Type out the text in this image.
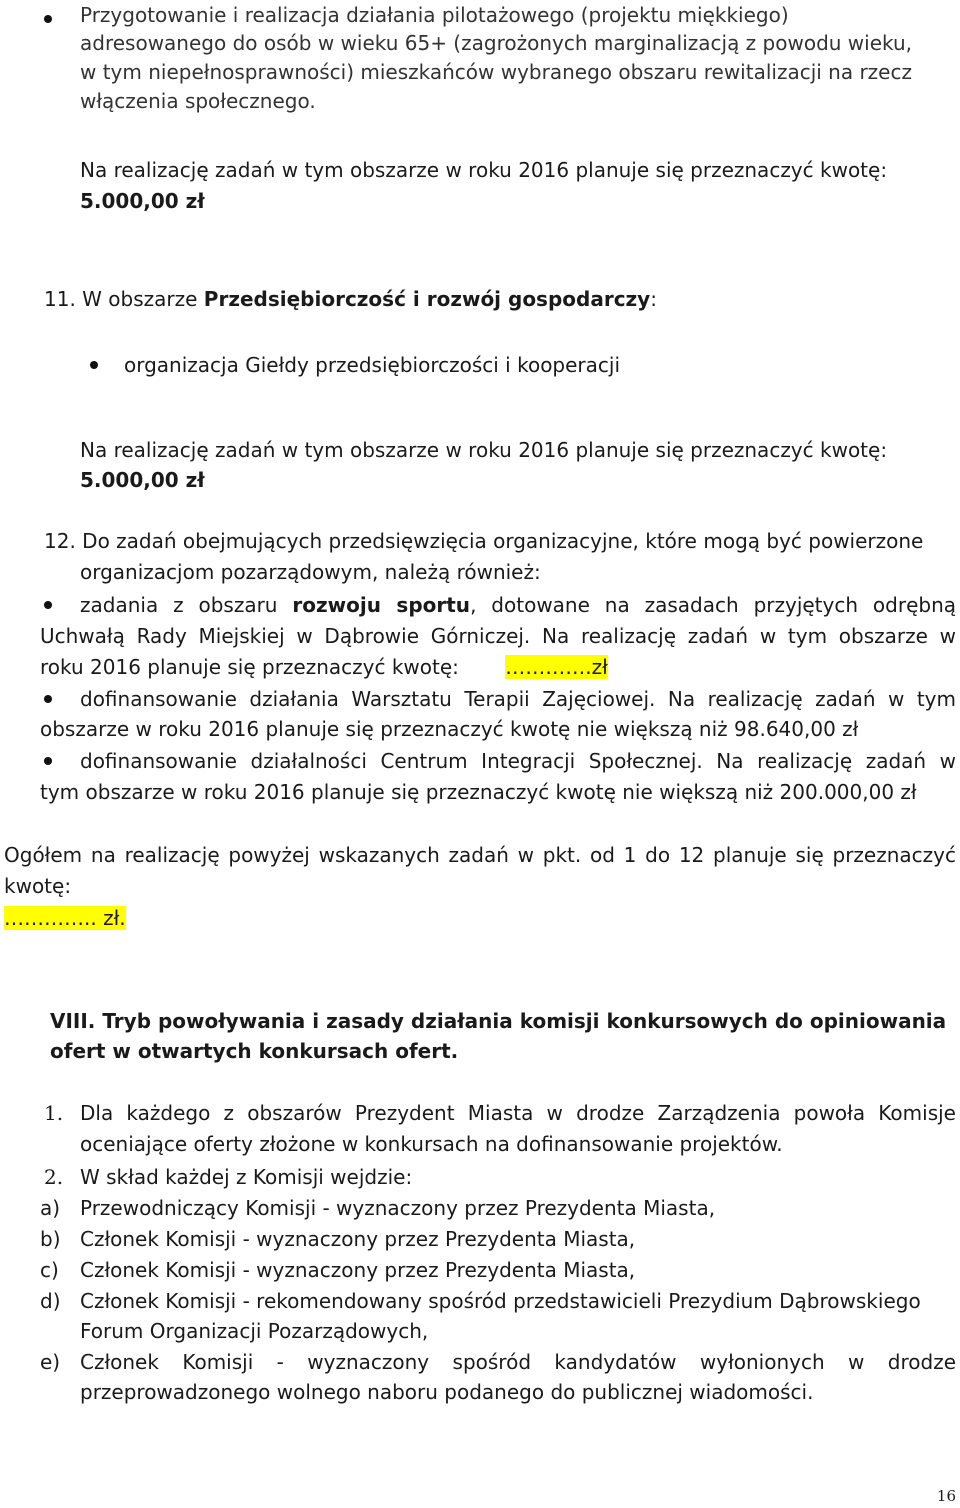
Przygotowanie i realizacja działania pilotażowego (projektu miękkiego)
adresowanego do osób w wieku 65+ (zagrożonych marginalizacją z powodu wieku,
w tym niepełnosprawności) mieszkańców wybranego obszaru rewitalizacji na rzecz
włączenia społecznego.
Na realizację zadań w tym obszarze w roku 2016 planuje się przeznaczyć kwotę:
5.000,00 zł
11. W obszarze Przedsiębiorczość i rozwój gospodarczy:
organizacja Giełdy przedsiębiorczości i kooperacji
Na realizację zadań w tym obszarze w roku 2016 planuje się przeznaczyć kwotę:
5.000,00 zł
12. Do zadań obejmujących przedsięwzięcia organizacyjne, które mogą być powierzone
organizacjom pozarządowym, należą również:
zadania z obszaru rozwoju sportu, dotowane na zasadach przyjętych odrębną
Uchwałą Rady Miejskiej w Dąbrowie Górniczej. Na realizację zadań w tym obszarze w
roku 2016 planuje się przeznaczyć kwotę: ………….zł
dofinansowanie działania Warsztatu Terapii Zajęciowej. Na realizację zadań w tym
obszarze w roku 2016 planuje się przeznaczyć kwotę nie większą niż 98.640,00 zł
dofinansowanie działalności Centrum Integracji Społecznej. Na realizację zadań w
tym obszarze w roku 2016 planuje się przeznaczyć kwotę nie większą niż 200.000,00 zł
Ogółem na realizację powyżej wskazanych zadań w pkt. od 1 do 12 planuje się przeznaczyć
kwotę:
………….. zł.
VIII. Tryb powoływania i zasady działania komisji konkursowych do opiniowania
ofert w otwartych konkursach ofert.
1. Dla każdego z obszarów Prezydent Miasta w drodze Zarządzenia powoła Komisje
oceniające oferty złożone w konkursach na dofinansowanie projektów.
2. W skład każdej z Komisji wejdzie:
a) Przewodniczący Komisji - wyznaczony przez Prezydenta Miasta,
b) Członek Komisji - wyznaczony przez Prezydenta Miasta,
c) Członek Komisji - wyznaczony przez Prezydenta Miasta,
d) Członek Komisji - rekomendowany spośród przedstawicieli Prezydium Dąbrowskiego
Forum Organizacji Pozarządowych,
e) Członek Komisji - wyznaczony spośród kandydatów wyłonionych w drodze
przeprowadzonego wolnego naboru podanego do publicznej wiadomości.
16
